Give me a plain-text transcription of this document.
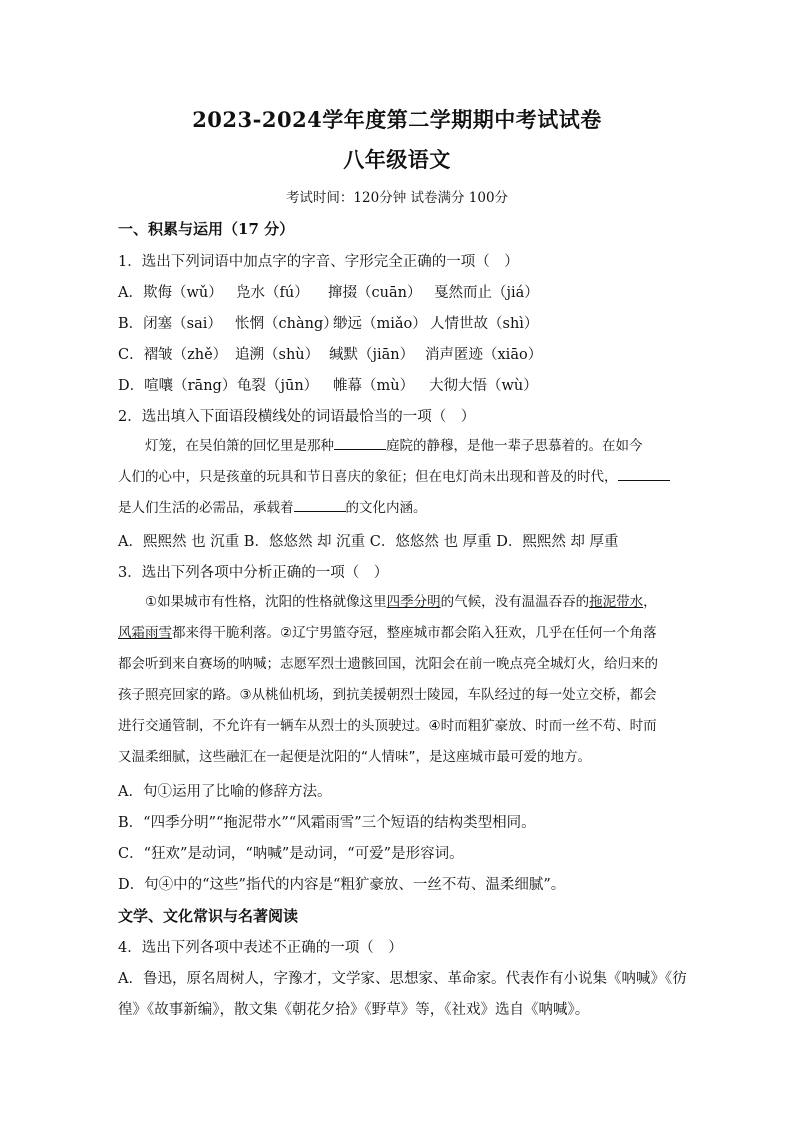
2023-2024学年度第二学期期中考试试卷
八年级语文
考试时间：120分钟 试卷满分 100分
一、积累与运用（17 分）
1．选出下列词语中加点字的字音、字形完全正确的一项（　）
A．欺侮（wǔ） 凫水（fú） 撺掇（cuān） 戛然而止（jiá）
B．闭塞（sai） 怅惘（chàng）缈远（miǎo） 人情世故（shì）
C．褶皱（zhě） 追溯（shù） 缄默（jiān） 消声匿迹（xiāo）
D．喧嚷（rāng）龟裂（jūn） 帷幕（mù） 大彻大悟（wù）
2．选出填入下面语段横线处的词语最恰当的一项（　）
灯笼，在吴伯箫的回忆里是那种	庭院的静穆，是他一辈子思慕着的。在如今
人们的心中，只是孩童的玩具和节日喜庆的象征；但在电灯尚未出现和普及的时代，
是人们生活的必需品，承载着	的文化内涵。
A．熙熙然 也 沉重 B．悠悠然 却 沉重 C．悠悠然 也 厚重 D．熙熙然 却 厚重
3．选出下列各项中分析正确的一项（　）
①如果城市有性格，沈阳的性格就像这里四季分明的气候，没有温温吞吞的拖泥带水，
风霜雨雪都来得干脆利落。②辽宁男篮夺冠，整座城市都会陷入狂欢，几乎在任何一个角落
都会听到来自赛场的呐喊；志愿军烈士遗骸回国，沈阳会在前一晚点亮全城灯火，给归来的
孩子照亮回家的路。③从桃仙机场，到抗美援朝烈士陵园，车队经过的每一处立交桥，都会
进行交通管制，不允许有一辆车从烈士的头顶驶过。④时而粗犷豪放、时而一丝不苟、时而
又温柔细腻，这些融汇在一起便是沈阳的“人情味”，是这座城市最可爱的地方。
A．句①运用了比喻的修辞方法。
B．“四季分明”“拖泥带水”“风霜雨雪”三个短语的结构类型相同。
C．“狂欢”是动词，“呐喊”是动词，“可爱”是形容词。
D．句④中的“这些”指代的内容是“粗犷豪放、一丝不苟、温柔细腻”。
文学、文化常识与名著阅读
4．选出下列各项中表述不正确的一项（　）
A．鲁迅，原名周树人，字豫才，文学家、思想家、革命家。代表作有小说集《呐喊》《彷
徨》《故事新编》，散文集《朝花夕拾》《野草》等，《社戏》选自《呐喊》。
